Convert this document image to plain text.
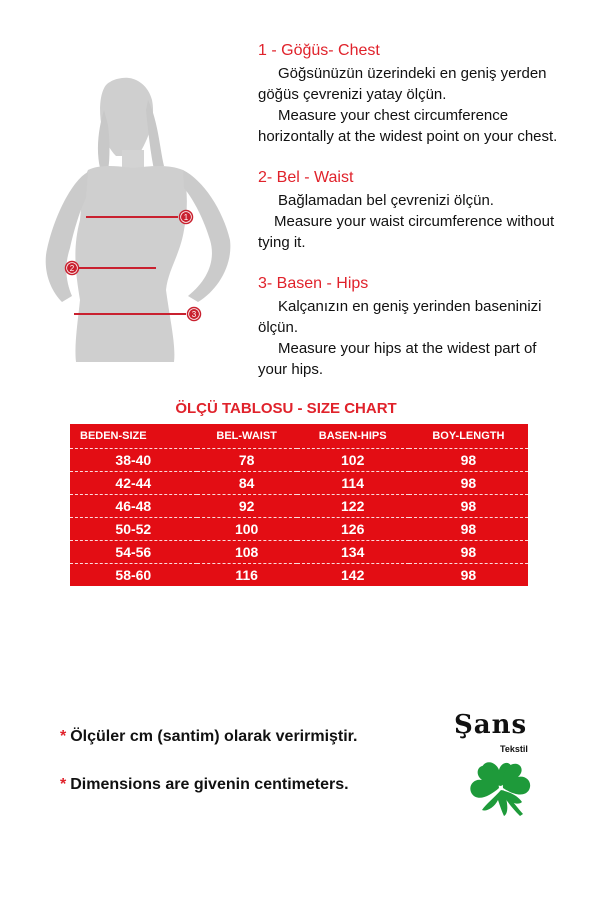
1
2
3

1 - Göğüs- Chest

Göğsünüzün üzerindeki en geniş yerden

göğüs çevrenizi yatay ölçün.

Measure your chest circumference

horizontally at the widest point on your chest.

2- Bel - Waist

Bağlamadan bel çevrenizi ölçün.

Measure your waist circumference without

tying it.

3- Basen - Hips

Kalçanızın en geniş yerinden baseninizi

ölçün.

Measure your hips at the widest part of

your hips.

ÖLÇÜ TABLOSU - SIZE CHART
BEDEN-SIZE	BEL-WAIST	BASEN-HIPS	BOY-LENGTH
38-40	78	102	98
42-44	84	114	98
46-48	92	122	98
50-52	100	126	98
54-56	108	134	98
58-60	116	142	98

* Ölçüler cm (santim) olarak verirmiştir.

* Dimensions are givenin centimeters.

Şans
Tekstil
